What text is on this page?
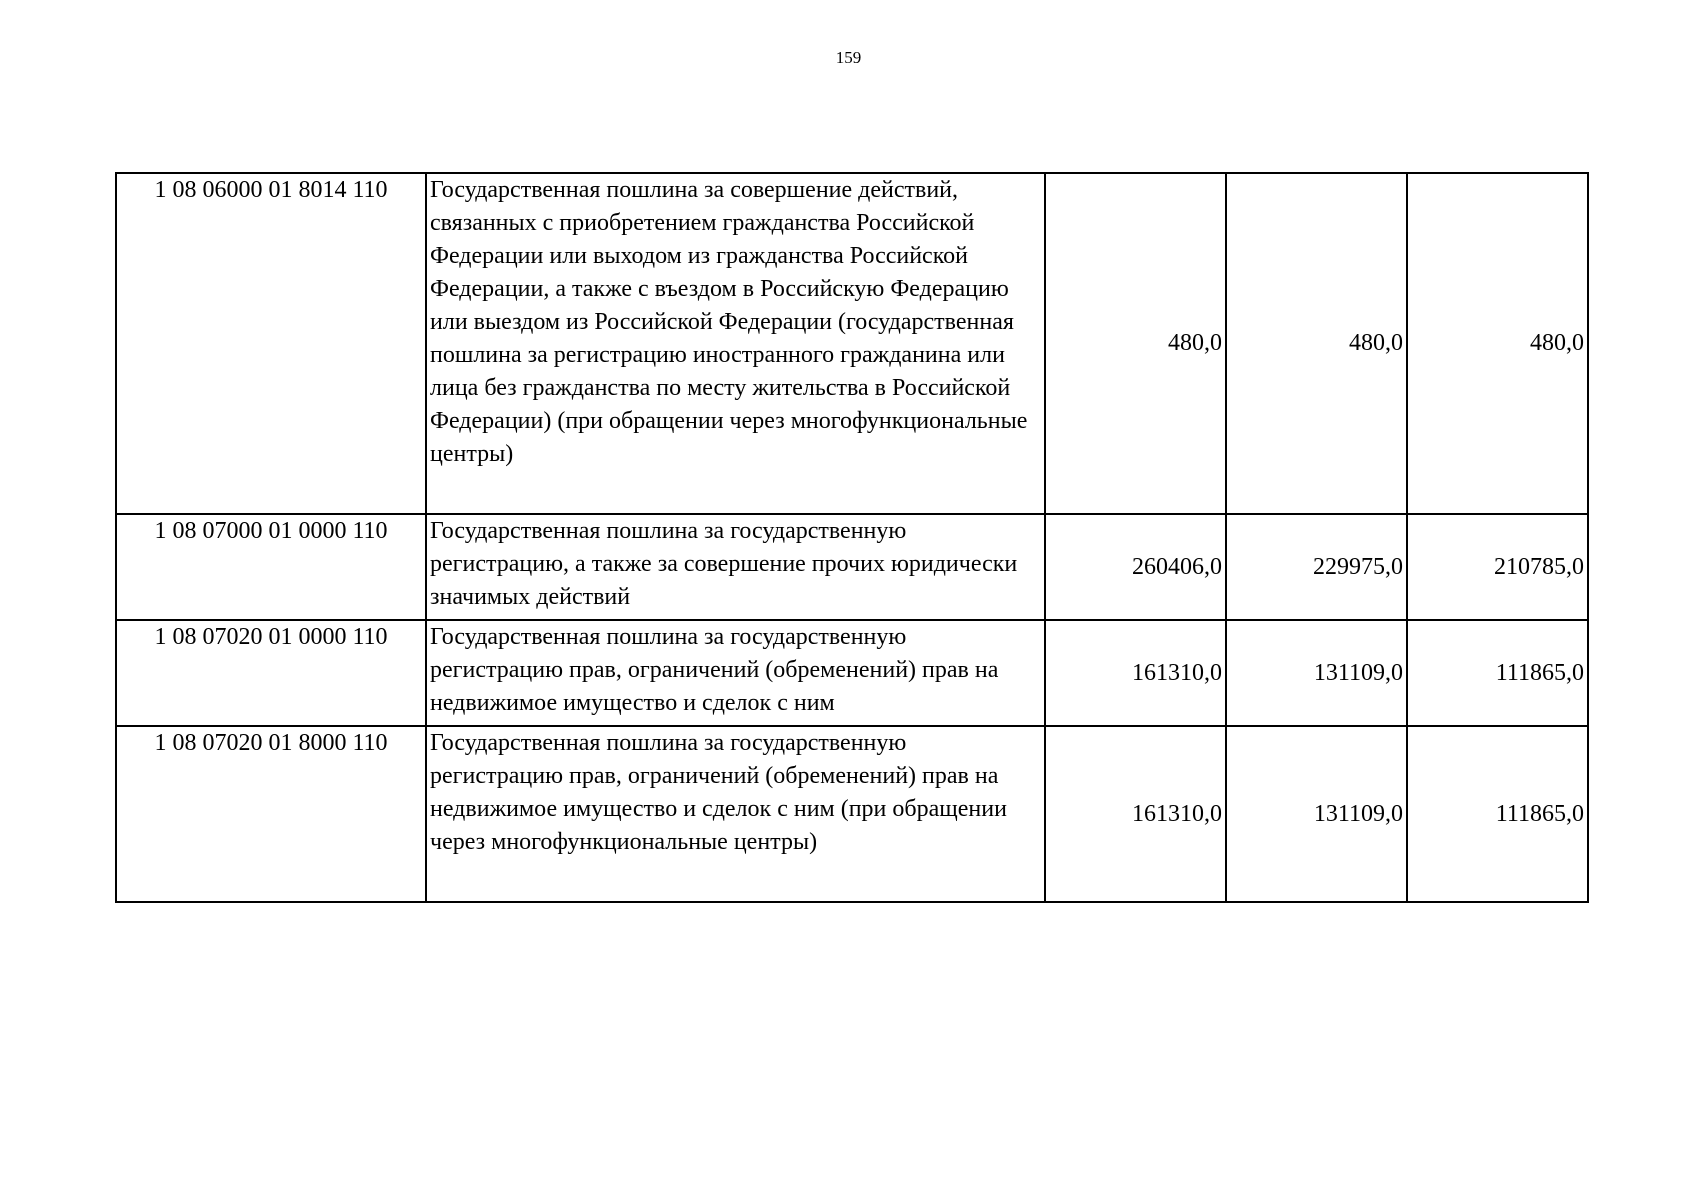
159
1 08 06000 01 8014 110	Государственная пошлина за совершение действий, связанных с приобретением гражданства Российской Федерации или выходом из гражданства Российской Федерации, а также с въездом в Российскую Федерацию или выездом из Российской Федерации (государственная пошлина за регистрацию иностранного гражданина или лица без гражданства по месту жительства в Российской Федерации) (при обращении через многофункциональные центры)	480,0	480,0	480,0
1 08 07000 01 0000 110	Государственная пошлина за государственную регистрацию, а также за совершение прочих юридически значимых действий	260406,0	229975,0	210785,0
1 08 07020 01 0000 110	Государственная пошлина за государственную регистрацию прав, ограничений (обременений) прав на недвижимое имущество и сделок с ним	161310,0	131109,0	111865,0
1 08 07020 01 8000 110	Государственная пошлина за государственную регистрацию прав, ограничений (обременений) прав на недвижимое имущество и сделок с ним (при обращении через многофункциональные центры)	161310,0	131109,0	111865,0
